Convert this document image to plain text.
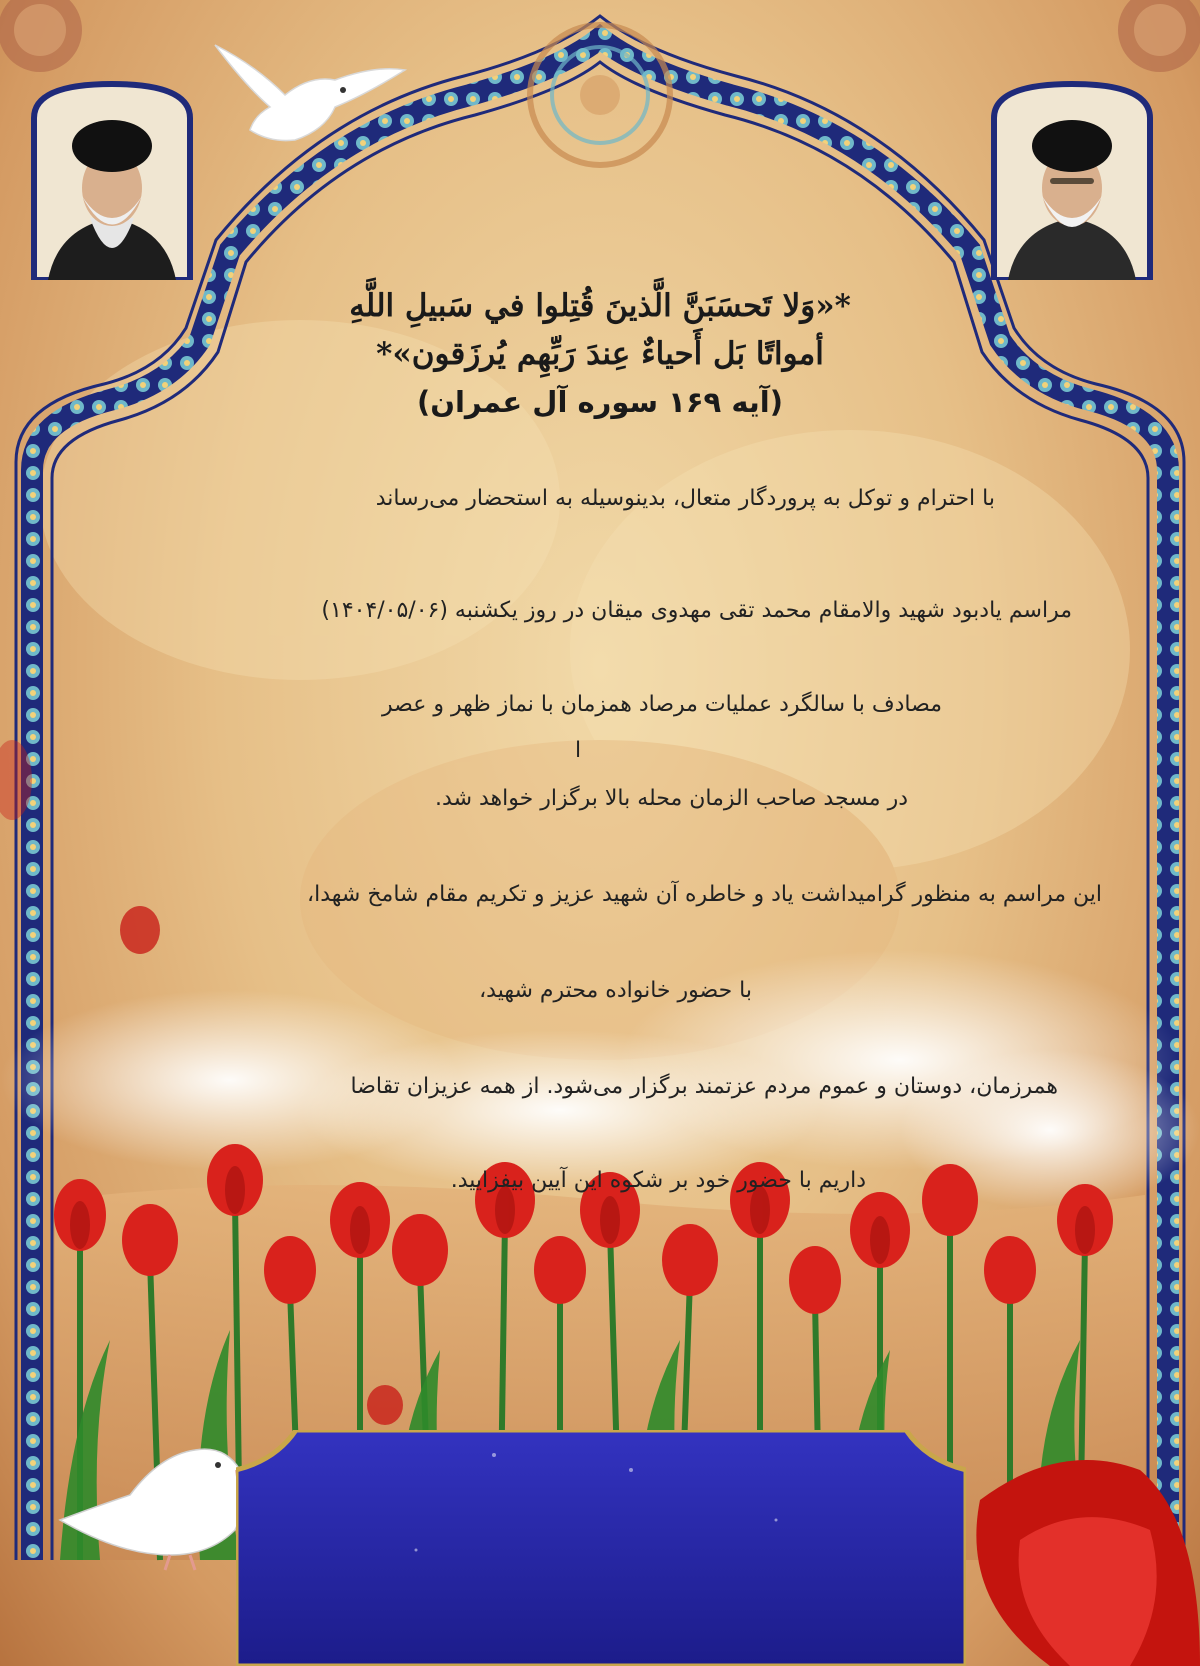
*«وَلا تَحسَبَنَّ الَّذينَ قُتِلوا في سَبيلِ اللَّهِ
أمواتًا بَل أَحياءٌ عِندَ رَبِّهِم يُرزَقون»*
(آیه ۱۶۹ سوره آل عمران)
با احترام و توکل به پروردگار متعال، بدینوسیله به استحضار می‌رساند
مراسم یادبود شهید والامقام محمد تقی مهدوی میقان در روز یکشنبه (۱۴۰۴/۰۵/۰۶)
مصادف با سالگرد عملیات مرصاد همزمان با نماز ظهر و عصر
ا
در مسجد صاحب الزمان محله بالا برگزار خواهد شد.
این مراسم به منظور گرامیداشت یاد و خاطره آن شهید عزیز و تکریم مقام شامخ شهدا،
با حضور خانواده محترم شهید،
همرزمان، دوستان و عموم مردم عزتمند برگزار می‌شود. از همه عزیزان تقاضا
داریم با حضور خود بر شکوه این آیین بیفزایید.
